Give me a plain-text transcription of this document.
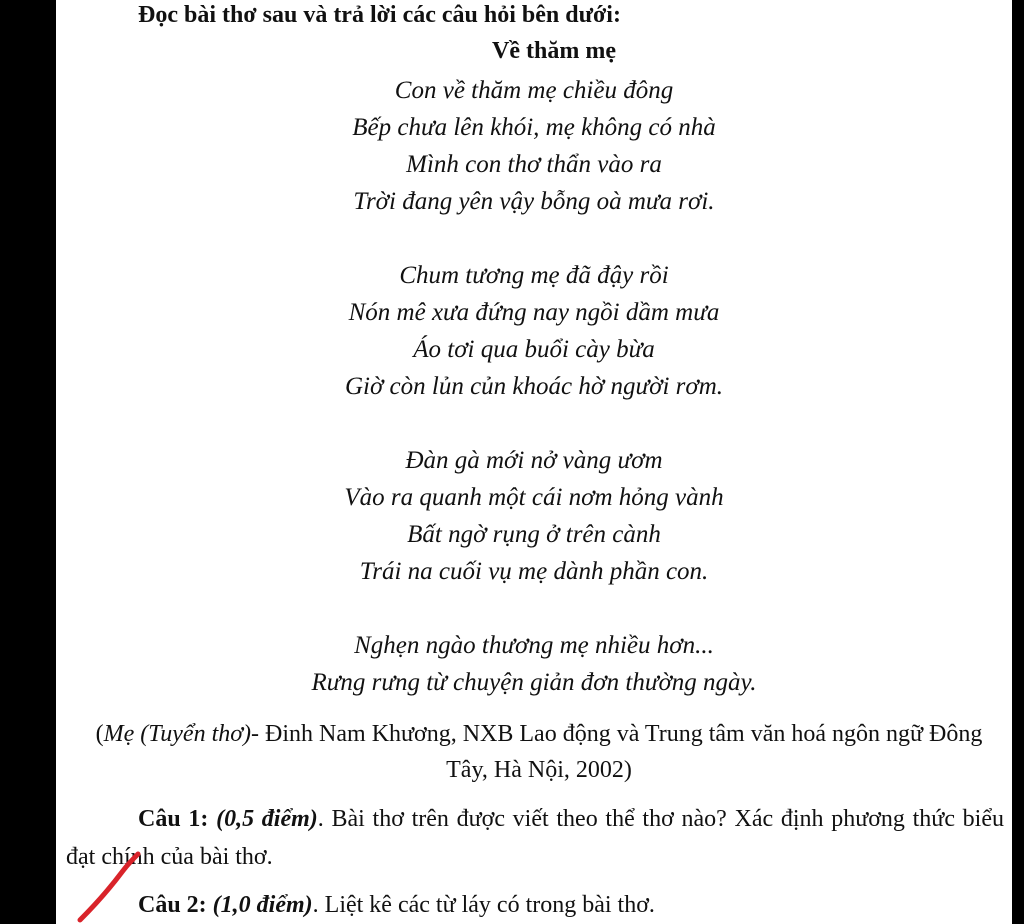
Đọc bài thơ sau và trả lời các câu hỏi bên dưới:
Về thăm mẹ
Con về thăm mẹ chiều đông
Bếp chưa lên khói, mẹ không có nhà
Mình con thơ thẩn vào ra
Trời đang yên vậy bỗng oà mưa rơi.
Chum tương mẹ đã đậy rồi
Nón mê xưa đứng nay ngồi dầm mưa
Áo tơi qua buổi cày bừa
Giờ còn lủn củn khoác hờ người rơm.
Đàn gà mới nở vàng ươm
Vào ra quanh một cái nơm hỏng vành
Bất ngờ rụng ở trên cành
Trái na cuối vụ mẹ dành phần con.
Nghẹn ngào thương mẹ nhiều hơn...
Rưng rưng từ chuyện giản đơn thường ngày.
(Mẹ (Tuyển thơ)- Đinh Nam Khương, NXB Lao động và Trung tâm văn hoá ngôn ngữ Đông Tây, Hà Nội, 2002)
Câu 1: (0,5 điểm). Bài thơ trên được viết theo thể thơ nào? Xác định phương thức biểu đạt chính của bài thơ.
Câu 2: (1,0 điểm). Liệt kê các từ láy có trong bài thơ.
